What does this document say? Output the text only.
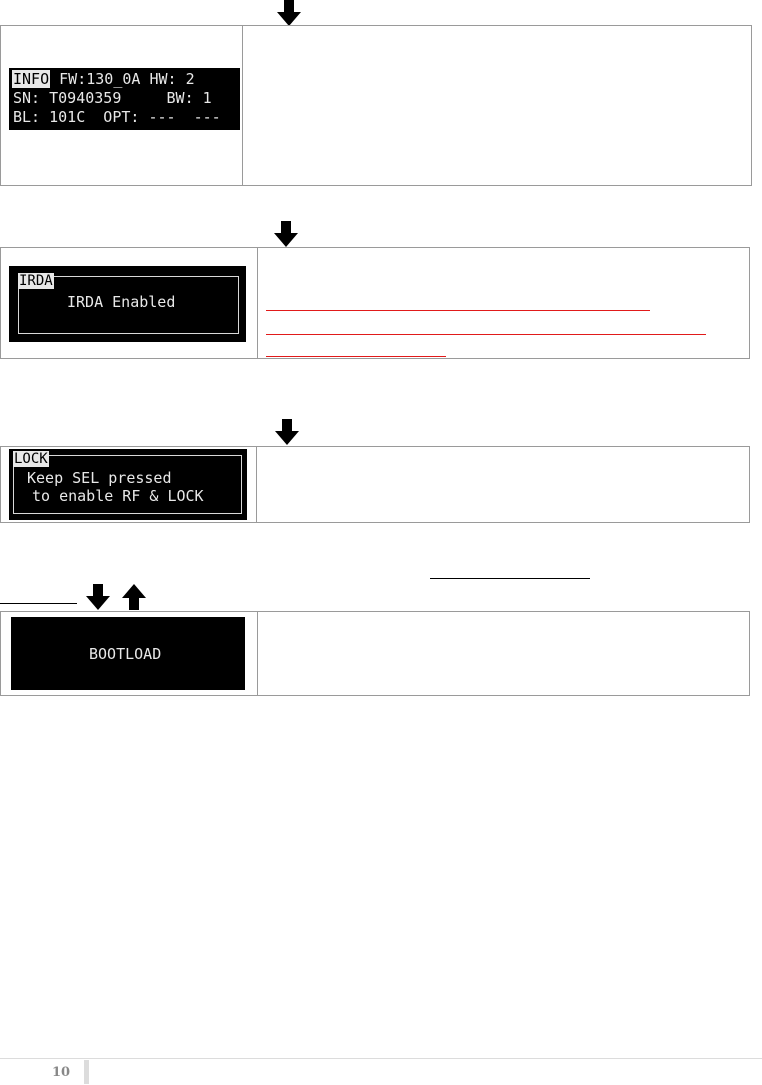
INFO FW:130_0A HW: 2

SN: T0940359     BW: 1

BL: 101C  OPT: ---  ---

IRDA

IRDA Enabled

LOCK

Keep SEL pressed

to enable RF & LOCK

BOOTLOAD

10
